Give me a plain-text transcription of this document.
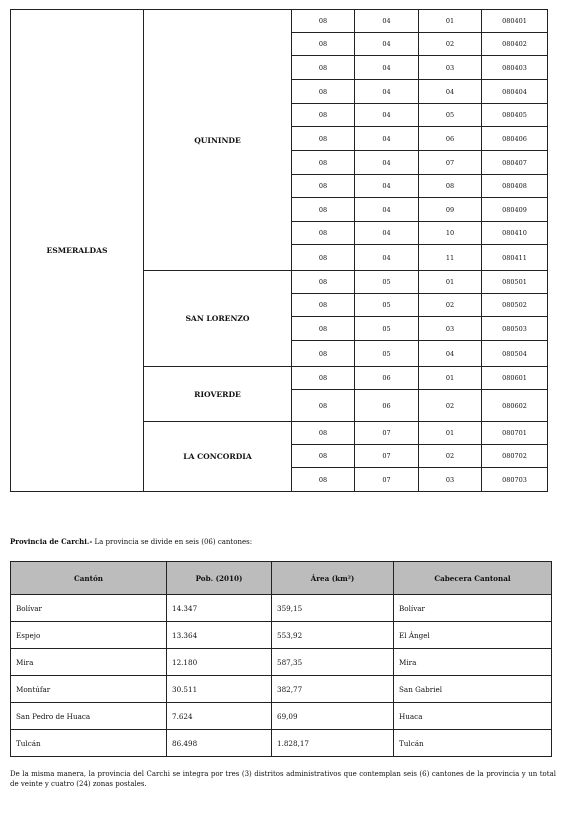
ESMERALDAS	QUININDE	08	04	01	080401
		08	04	02	080402
		08	04	03	080403
		08	04	04	080404
		08	04	05	080405
		08	04	06	080406
		08	04	07	080407
		08	04	08	080408
		08	04	09	080409
		08	04	10	080410
		08	04	11	080411
	SAN LORENZO	08	05	01	080501
		08	05	02	080502
		08	05	03	080503
		08	05	04	080504
	RIOVERDE	08	06	01	080601
		08	06	02	080602
	LA CONCORDIA	08	07	01	080701
		08	07	02	080702
		08	07	03	080703

Provincia de Carchi.- La provincia se divide en seis (06) cantones:

Cantón	Pob. (2010)	Área (km²)	Cabecera Cantonal
Bolívar	14.347	359,15	Bolívar
Espejo	13.364	553,92	El Ángel
Mira	12.180	587,35	Mira
Montúfar	30.511	382,77	San Gabriel
San Pedro de Huaca	7.624	69,09	Huaca
Tulcán	86.498	1.828,17	Tulcán

De la misma manera, la provincia del Carchi se integra por tres (3) distritos administrativos que contemplan seis (6) cantones de la provincia y un total de veinte y cuatro (24) zonas postales.
